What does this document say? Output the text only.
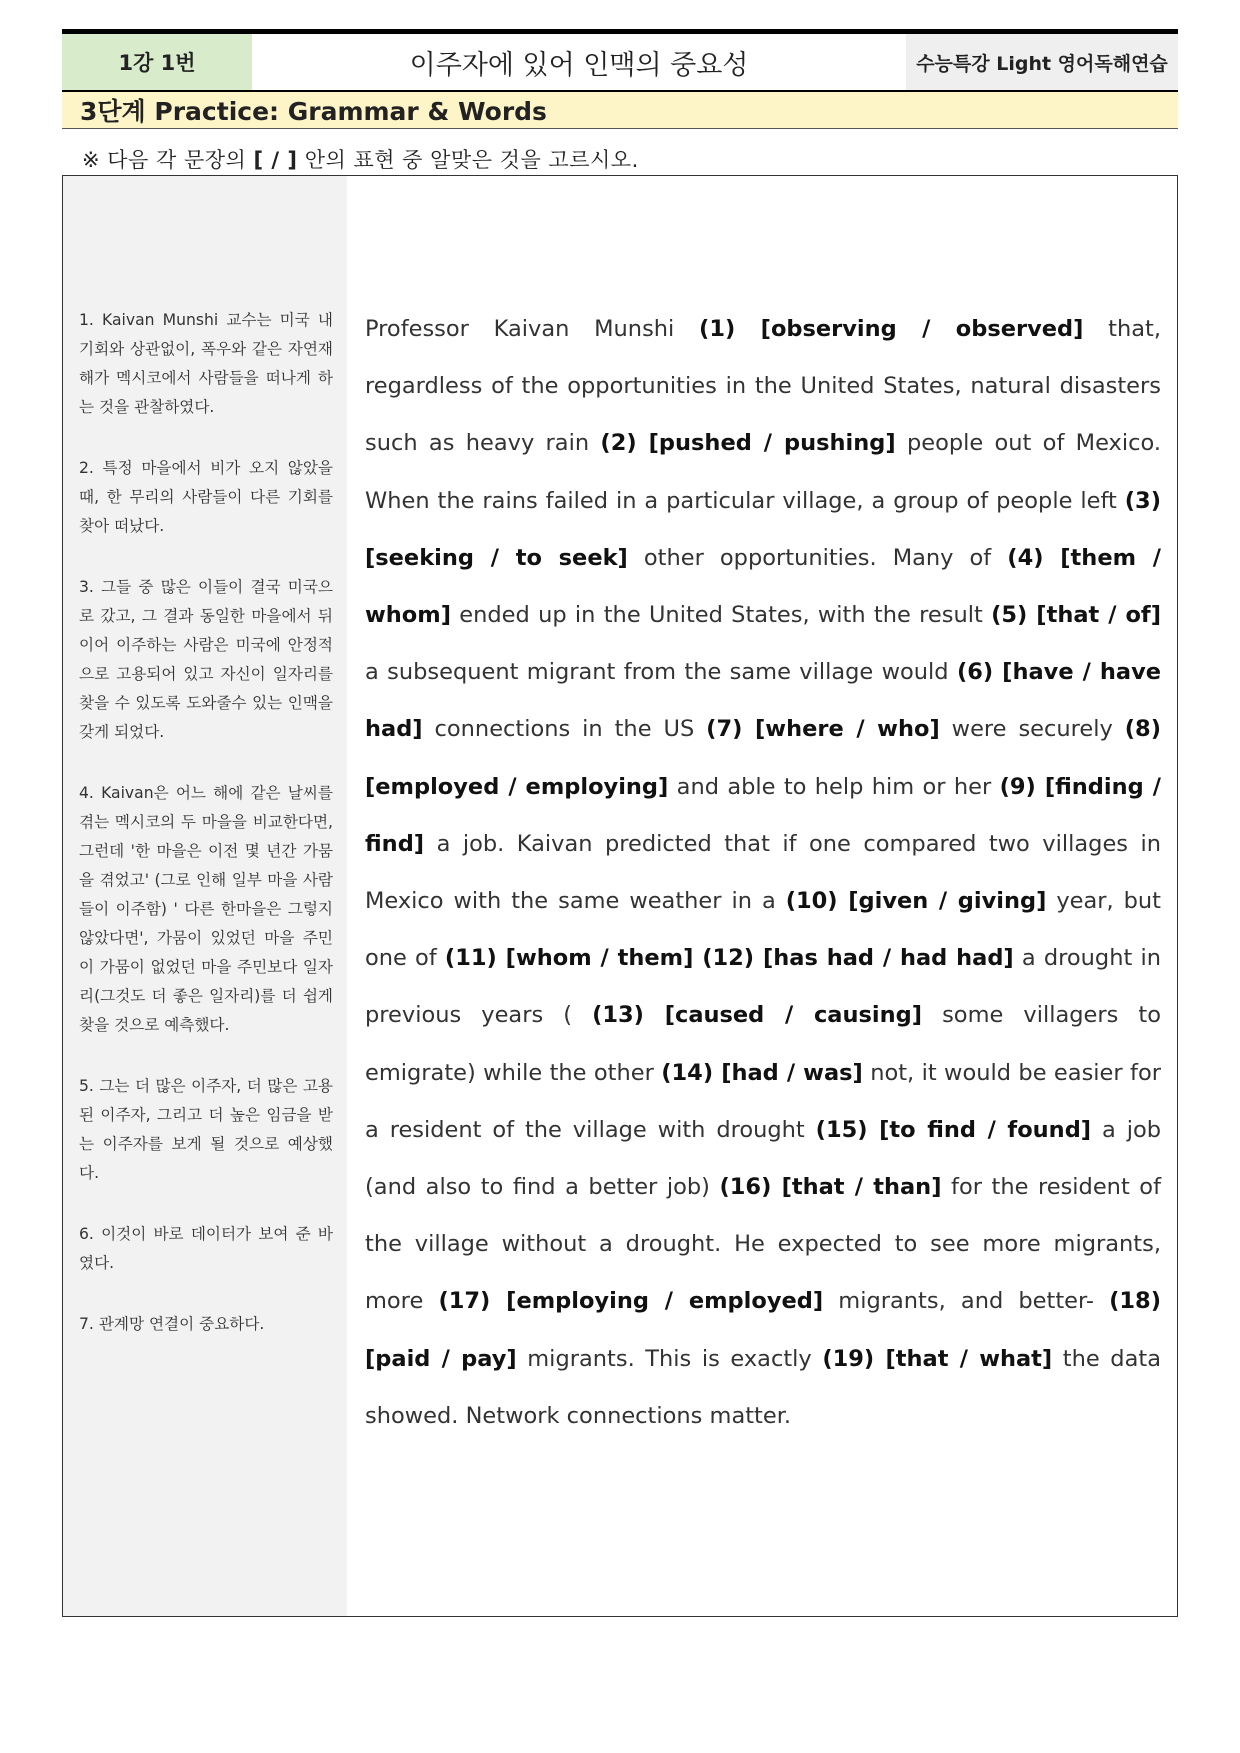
1강 1번	이주자에 있어 인맥의 중요성	수능특강 Light 영어독해연습
3단계 Practice: Grammar & Words
※ 다음 각 문장의 [ / ] 안의 표현 중 알맞은 것을 고르시오.

1. Kaivan Munshi 교수는 미국 내 기회와 상관없이, 폭우와 같은 자연재해가 멕시코에서 사람들을 떠나게 하는 것을 관찰하였다.

2. 특정 마을에서 비가 오지 않았을 때, 한 무리의 사람들이 다른 기회를 찾아 떠났다.

3. 그들 중 많은 이들이 결국 미국으로 갔고, 그 결과 동일한 마을에서 뒤이어 이주하는 사람은 미국에 안정적으로 고용되어 있고 자신이 일자리를 찾을 수 있도록 도와줄수 있는 인맥을 갖게 되었다.

4. Kaivan은 어느 해에 같은 날씨를 겪는 멕시코의 두 마을을 비교한다면, 그런데 '한 마을은 이전 몇 년간 가뭄을 겪었고' (그로 인해 일부 마을 사람들이 이주함) ' 다른 한마을은 그렇지 않았다면', 가뭄이 있었던 마을 주민이 가뭄이 없었던 마을 주민보다 일자리(그것도 더 좋은 일자리)를 더 쉽게 찾을 것으로 예측했다.

5. 그는 더 많은 이주자, 더 많은 고용된 이주자, 그리고 더 높은 임금을 받는 이주자를 보게 될 것으로 예상했다.

6. 이것이 바로 데이터가 보여 준 바였다.

7. 관계망 연결이 중요하다.

Professor Kaivan Munshi (1) [observing / observed] that, regardless of the opportunities in the United States, natural disasters such as heavy rain (2) [pushed / pushing] people out of Mexico. When the rains failed in a particular village, a group of people left (3) [seeking / to seek] other opportunities. Many of (4) [them / whom] ended up in the United States, with the result (5) [that / of] a subsequent migrant from the same village would (6) [have / have had] connections in the US (7) [where / who] were securely (8) [employed / employing] and able to help him or her (9) [finding / find] a job. Kaivan predicted that if one compared two villages in Mexico with the same weather in a (10) [given / giving] year, but one of (11) [whom / them] (12) [has had / had had] a drought in previous years ( (13) [caused / causing] some villagers to emigrate) while the other (14) [had / was] not, it would be easier for a resident of the village with drought (15) [to find / found] a job (and also to find a better job) (16) [that / than] for the resident of the village without a drought. He expected to see more migrants, more (17) [employing / employed] migrants, and better- (18) [paid / pay] migrants. This is exactly (19) [that / what] the data showed. Network connections matter.
